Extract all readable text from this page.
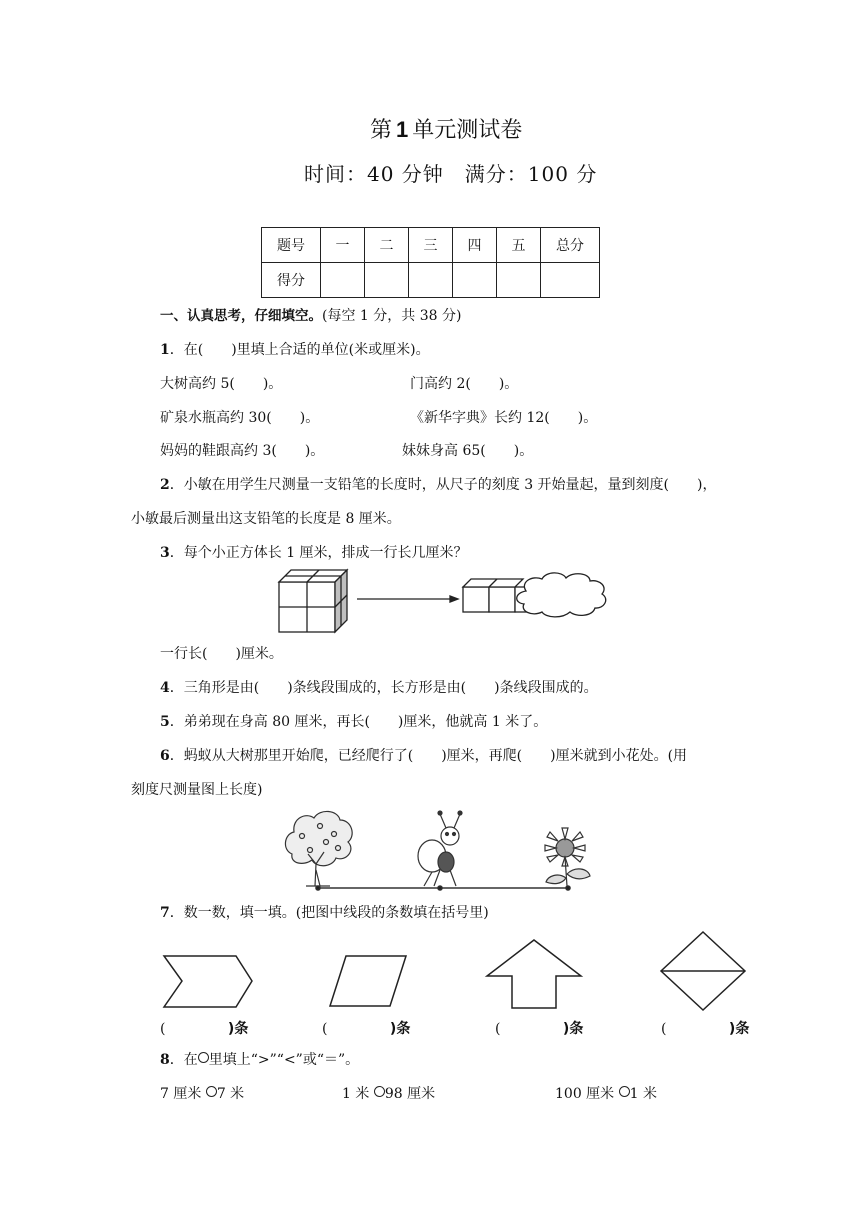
第 1 单元测试卷
时间：40 分钟　满分：100 分
题号	一	二	三	四	五	总分
得分						
一、认真思考，仔细填空。(每空 1 分，共 38 分)
1．在(　　)里填上合适的单位(米或厘米)。
大树高约 5(　　)。	门高约 2(　　)。
矿泉水瓶高约 30(　　)。	《新华字典》长约 12(　　)。
妈妈的鞋跟高约 3(　　)。	妹妹身高 65(　　)。
2．小敏在用学生尺测量一支铅笔的长度时，从尺子的刻度 3 开始量起，量到刻度(　　)，
小敏最后测量出这支铅笔的长度是 8 厘米。
3．每个小正方体长 1 厘米，排成一行长几厘米？
一行长(　　)厘米。
4．三角形是由(　　)条线段围成的，长方形是由(　　)条线段围成的。
5．弟弟现在身高 80 厘米，再长(　　)厘米，他就高 1 米了。
6．蚂蚁从大树那里开始爬，已经爬行了(　　)厘米，再爬(　　)厘米就到小花处。(用
刻度尺测量图上长度)
7．数一数，填一填。(把图中线段的条数填在括号里)
(	)条	(	)条	(	)条	(	)条
8．在 里填上“>”“<”或“＝”。
7 厘米 7 米	1 米 98 厘米	100 厘米 1 米
